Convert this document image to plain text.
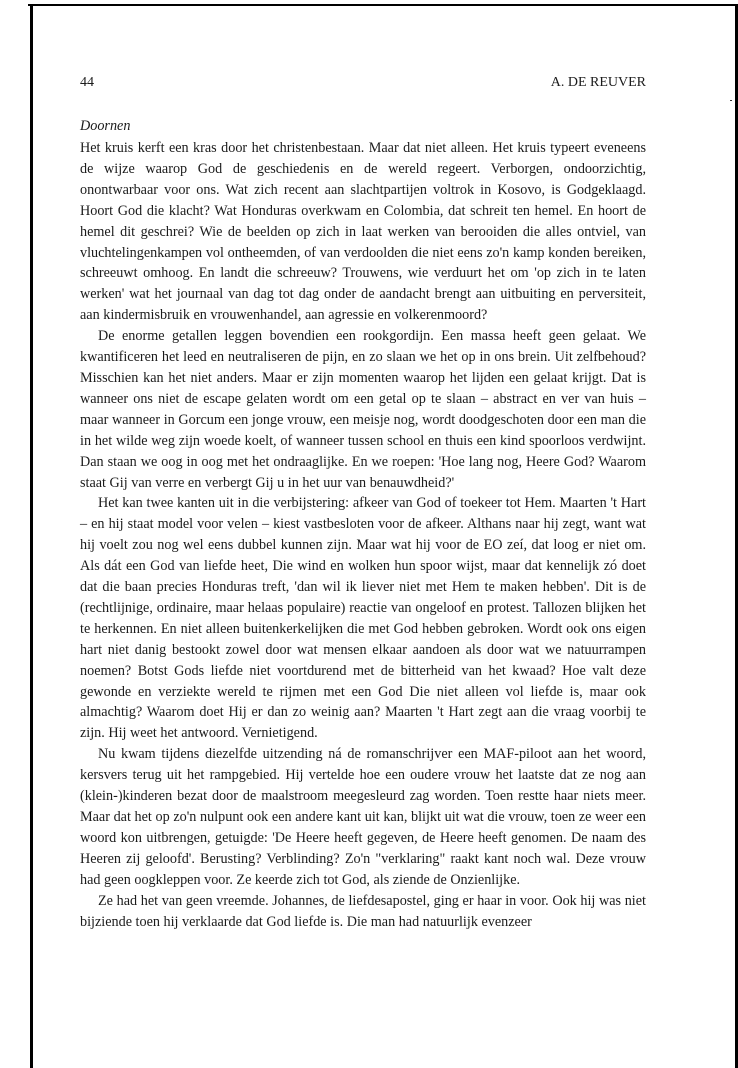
44	A. DE REUVER
Doornen

Het kruis kerft een kras door het christenbestaan. Maar dat niet alleen. Het kruis typeert eveneens de wijze waarop God de geschiedenis en de wereld regeert. Verborgen, ondoorzichtig, onontwarbaar voor ons. Wat zich recent aan slachtpartijen voltrok in Kosovo, is Godgeklaagd. Hoort God die klacht? Wat Honduras overkwam en Colombia, dat schreit ten hemel. En hoort de hemel dit geschrei? Wie de beelden op zich in laat werken van berooiden die alles ontviel, van vluchtelingenkampen vol ontheemden, of van verdoolden die niet eens zo'n kamp konden bereiken, schreeuwt omhoog. En landt die schreeuw? Trouwens, wie verduurt het om 'op zich in te laten werken' wat het journaal van dag tot dag onder de aandacht brengt aan uitbuiting en perversiteit, aan kindermisbruik en vrouwenhandel, aan agressie en volkerenmoord?

De enorme getallen leggen bovendien een rookgordijn. Een massa heeft geen gelaat. We kwantificeren het leed en neutraliseren de pijn, en zo slaan we het op in ons brein. Uit zelfbehoud? Misschien kan het niet anders. Maar er zijn momenten waarop het lijden een gelaat krijgt. Dat is wanneer ons niet de escape gelaten wordt om een getal op te slaan – abstract en ver van huis – maar wanneer in Gorcum een jonge vrouw, een meisje nog, wordt doodgeschoten door een man die in het wilde weg zijn woede koelt, of wanneer tussen school en thuis een kind spoorloos verdwijnt. Dan staan we oog in oog met het ondraaglijke. En we roepen: 'Hoe lang nog, Heere God? Waarom staat Gij van verre en verbergt Gij u in het uur van benauwdheid?'

Het kan twee kanten uit in die verbijstering: afkeer van God of toekeer tot Hem. Maarten 't Hart – en hij staat model voor velen – kiest vastbesloten voor de afkeer. Althans naar hij zegt, want wat hij voelt zou nog wel eens dubbel kunnen zijn. Maar wat hij voor de EO zeí, dat loog er niet om. Als dát een God van liefde heet, Die wind en wolken hun spoor wijst, maar dat kennelijk zó doet dat die baan precies Honduras treft, 'dan wil ik liever niet met Hem te maken hebben'. Dit is de (rechtlijnige, ordinaire, maar helaas populaire) reactie van ongeloof en protest. Tallozen blijken het te herkennen. En niet alleen buitenkerkelijken die met God hebben gebroken. Wordt ook ons eigen hart niet danig bestookt zowel door wat mensen elkaar aandoen als door wat we natuurrampen noemen? Botst Gods liefde niet voortdurend met de bitterheid van het kwaad? Hoe valt deze gewonde en verziekte wereld te rijmen met een God Die niet alleen vol liefde is, maar ook almachtig? Waarom doet Hij er dan zo weinig aan? Maarten 't Hart zegt aan die vraag voorbij te zijn. Hij weet het antwoord. Vernietigend.

Nu kwam tijdens diezelfde uitzending ná de romanschrijver een MAF-piloot aan het woord, kersvers terug uit het rampgebied. Hij vertelde hoe een oudere vrouw het laatste dat ze nog aan (klein-)kinderen bezat door de maalstroom meegesleurd zag worden. Toen restte haar niets meer. Maar dat het op zo'n nulpunt ook een andere kant uit kan, blijkt uit wat die vrouw, toen ze weer een woord kon uitbrengen, getuigde: 'De Heere heeft gegeven, de Heere heeft genomen. De naam des Heeren zij geloofd'. Berusting? Verblinding? Zo'n "verklaring" raakt kant noch wal. Deze vrouw had geen oogkleppen voor. Ze keerde zich tot God, als ziende de Onzienlijke.

Ze had het van geen vreemde. Johannes, de liefdesapostel, ging er haar in voor. Ook hij was niet bijziende toen hij verklaarde dat God liefde is. Die man had natuurlijk evenzeer
